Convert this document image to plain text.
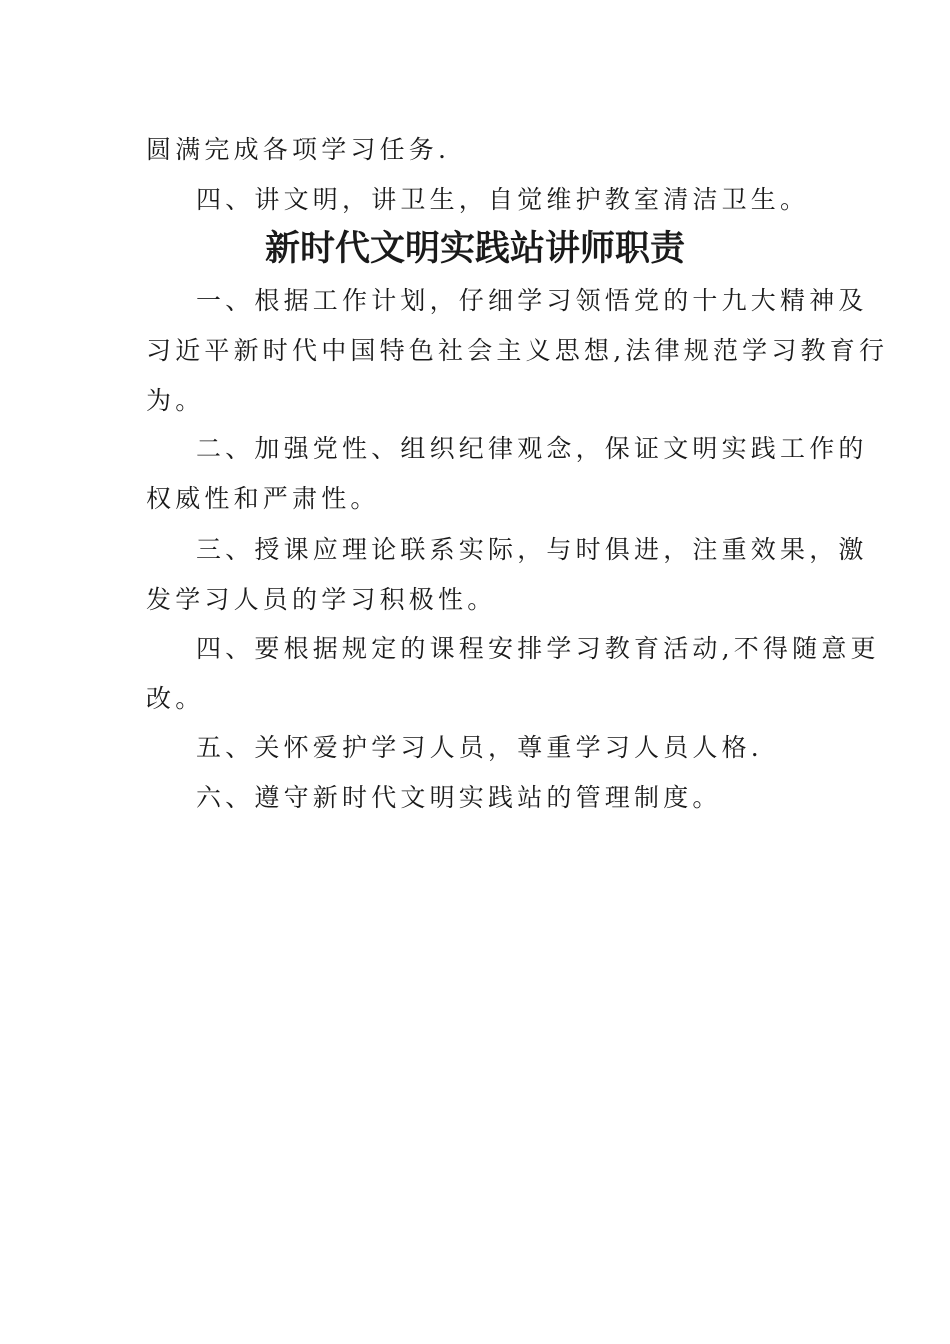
圆满完成各项学习任务.
四、讲文明，讲卫生，自觉维护教室清洁卫生。
新时代文明实践站讲师职责
一、根据工作计划，仔细学习领悟党的十九大精神及
习近平新时代中国特色社会主义思想,法律规范学习教育行
为。
二、加强党性、组织纪律观念，保证文明实践工作的
权威性和严肃性。
三、授课应理论联系实际，与时俱进，注重效果，激
发学习人员的学习积极性。
四、要根据规定的课程安排学习教育活动,不得随意更
改。
五、关怀爱护学习人员，尊重学习人员人格.
六、遵守新时代文明实践站的管理制度。
